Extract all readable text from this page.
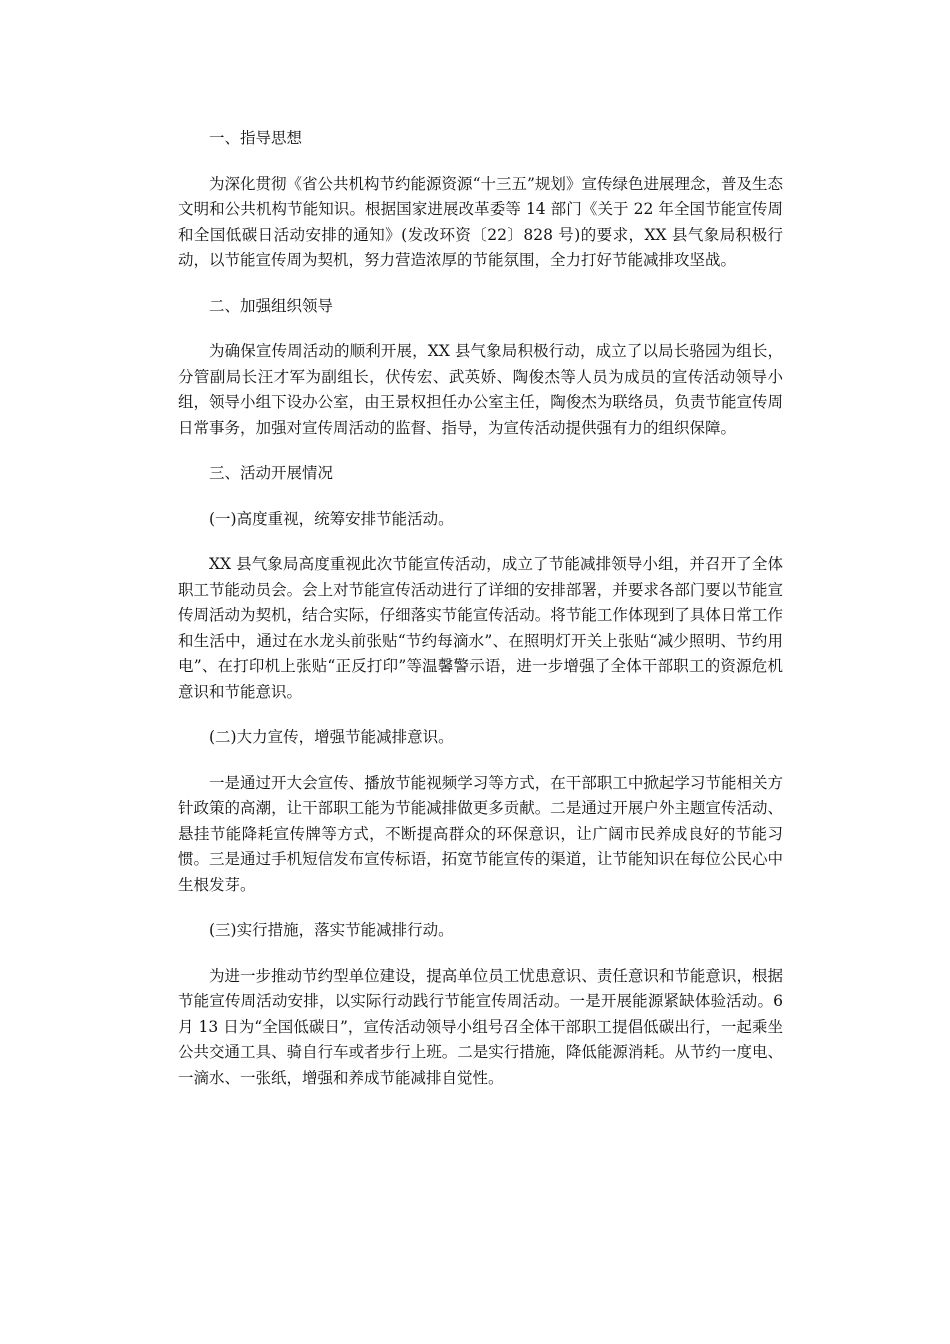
一、指导思想

为深化贯彻《省公共机构节约能源资源“十三五”规划》宣传绿色进展理念，普及生态文明和公共机构节能知识。根据国家进展改革委等 14 部门《关于 22 年全国节能宣传周和全国低碳日活动安排的通知》(发改环资〔22〕828 号)的要求，XX 县气象局积极行动，以节能宣传周为契机，努力营造浓厚的节能氛围，全力打好节能减排攻坚战。

二、加强组织领导

为确保宣传周活动的顺利开展，XX 县气象局积极行动，成立了以局长骆园为组长，分管副局长汪才军为副组长，伏传宏、武英娇、陶俊杰等人员为成员的宣传活动领导小组，领导小组下设办公室，由王景权担任办公室主任，陶俊杰为联络员，负责节能宣传周日常事务，加强对宣传周活动的监督、指导，为宣传活动提供强有力的组织保障。

三、活动开展情况

(一)高度重视，统筹安排节能活动。

XX 县气象局高度重视此次节能宣传活动，成立了节能减排领导小组，并召开了全体职工节能动员会。会上对节能宣传活动进行了详细的安排部署，并要求各部门要以节能宣传周活动为契机，结合实际，仔细落实节能宣传活动。将节能工作体现到了具体日常工作和生活中，通过在水龙头前张贴“节约每滴水”、在照明灯开关上张贴“减少照明、节约用电”、在打印机上张贴“正反打印”等温馨警示语，进一步增强了全体干部职工的资源危机意识和节能意识。

(二)大力宣传，增强节能减排意识。

一是通过开大会宣传、播放节能视频学习等方式，在干部职工中掀起学习节能相关方针政策的高潮，让干部职工能为节能减排做更多贡献。二是通过开展户外主题宣传活动、悬挂节能降耗宣传牌等方式，不断提高群众的环保意识，让广阔市民养成良好的节能习惯。三是通过手机短信发布宣传标语，拓宽节能宣传的渠道，让节能知识在每位公民心中生根发芽。

(三)实行措施，落实节能减排行动。

为进一步推动节约型单位建设，提高单位员工忧患意识、责任意识和节能意识，根据节能宣传周活动安排，以实际行动践行节能宣传周活动。一是开展能源紧缺体验活动。6 月 13 日为“全国低碳日”，宣传活动领导小组号召全体干部职工提倡低碳出行，一起乘坐公共交通工具、骑自行车或者步行上班。二是实行措施，降低能源消耗。从节约一度电、一滴水、一张纸，增强和养成节能减排自觉性。
